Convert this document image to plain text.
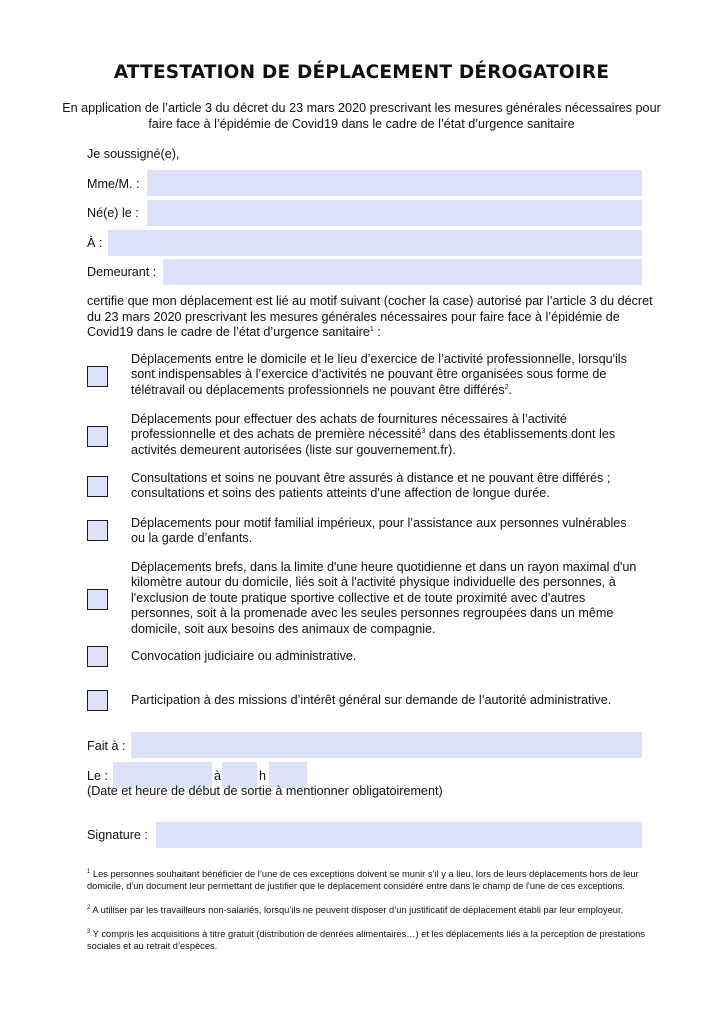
ATTESTATION DE DÉPLACEMENT DÉROGATOIRE
En application de l’article 3 du décret du 23 mars 2020 prescrivant les mesures générales nécessaires pour faire face à l’épidémie de Covid19 dans le cadre de l’état d’urgence sanitaire
Je soussigné(e),
Mme/M. :
Né(e) le :
À :
Demeurant :
certifie que mon déplacement est lié au motif suivant (cocher la case) autorisé par l’article 3 du décret du 23 mars 2020 prescrivant les mesures générales nécessaires pour faire face à l’épidémie de Covid19 dans le cadre de l’état d’urgence sanitaire$^1$ :
Déplacements entre le domicile et le lieu d’exercice de l’activité professionnelle, lorsqu'ils sont indispensables à l’exercice d’activités ne pouvant être organisées sous forme de télétravail ou déplacements professionnels ne pouvant être différés$^2$.
Déplacements pour effectuer des achats de fournitures nécessaires à l’activité professionnelle et des achats de première nécessité$^3$ dans des établissements dont les activités demeurent autorisées (liste sur gouvernement.fr).
Consultations et soins ne pouvant être assurés à distance et ne pouvant être différés ; consultations et soins des patients atteints d'une affection de longue durée.
Déplacements pour motif familial impérieux, pour l’assistance aux personnes vulnérables ou la garde d’enfants.
Déplacements brefs, dans la limite d'une heure quotidienne et dans un rayon maximal d'un kilomètre autour du domicile, liés soit à l'activité physique individuelle des personnes, à l'exclusion de toute pratique sportive collective et de toute proximité avec d'autres personnes, soit à la promenade avec les seules personnes regroupées dans un même domicile, soit aux besoins des animaux de compagnie.
Convocation judiciaire ou administrative.
Participation à des missions d’intérêt général sur demande de l’autorité administrative.
Fait à :
Le :	à	h
(Date et heure de début de sortie à mentionner obligatoirement)
Signature :
$^1$ Les personnes souhaitant bénéficier de l’une de ces exceptions doivent se munir s’il y a lieu, lors de leurs déplacements hors de leur domicile, d'un document leur permettant de justifier que le déplacement considéré entre dans le champ de l'une de ces exceptions.
$^2$ A utiliser par les travailleurs non-salariés, lorsqu’ils ne peuvent disposer d’un justificatif de déplacement établi par leur employeur.
$^3$ Y compris les acquisitions à titre gratuit (distribution de denrées alimentaires…) et les déplacements liés à la perception de prestations sociales et au retrait d’espèces.
